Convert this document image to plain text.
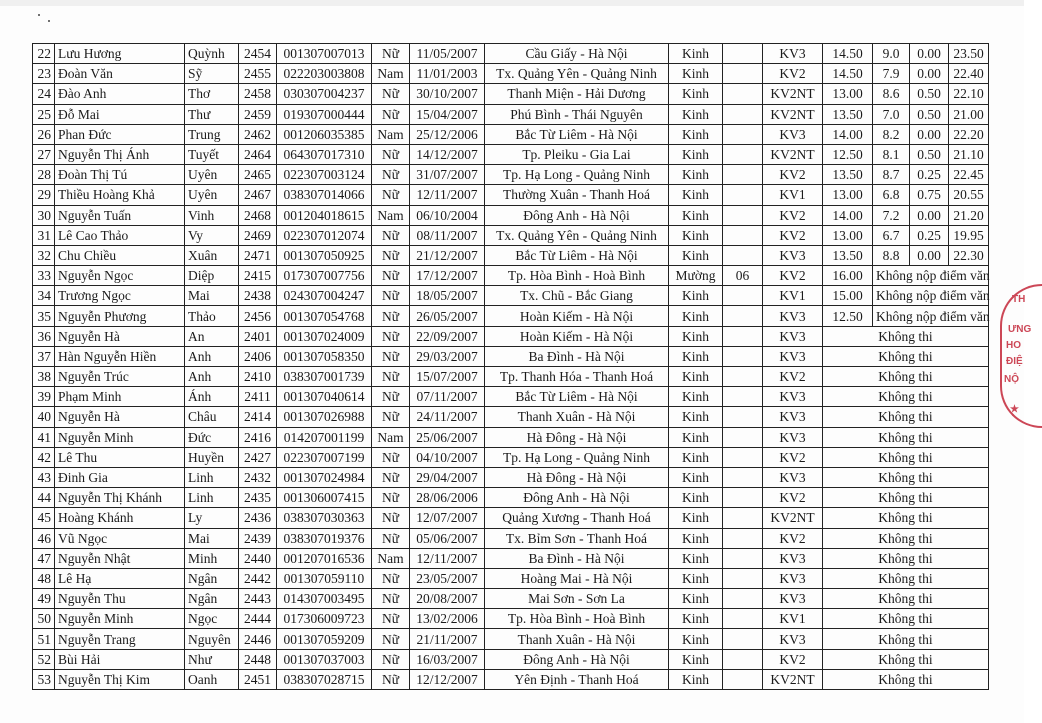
22	Lưu Hương	Quỳnh	2454	001307007013	Nữ	11/05/2007	Cầu Giấy - Hà Nội	Kinh		KV3	14.50	9.0	0.00	23.50
23	Đoàn Văn	Sỹ	2455	022203003808	Nam	11/01/2003	Tx. Quảng Yên - Quảng Ninh	Kinh		KV2	14.50	7.9	0.00	22.40
24	Đào Anh	Thơ	2458	030307004237	Nữ	30/10/2007	Thanh Miện - Hải Dương	Kinh		KV2NT	13.00	8.6	0.50	22.10
25	Đỗ Mai	Thư	2459	019307000444	Nữ	15/04/2007	Phú Bình - Thái Nguyên	Kinh		KV2NT	13.50	7.0	0.50	21.00
26	Phan Đức	Trung	2462	001206035385	Nam	25/12/2006	Bắc Từ Liêm - Hà Nội	Kinh		KV3	14.00	8.2	0.00	22.20
27	Nguyễn Thị Ánh	Tuyết	2464	064307017310	Nữ	14/12/2007	Tp. Pleiku - Gia Lai	Kinh		KV2NT	12.50	8.1	0.50	21.10
28	Đoàn Thị Tú	Uyên	2465	022307003124	Nữ	31/07/2007	Tp. Hạ Long - Quảng Ninh	Kinh		KV2	13.50	8.7	0.25	22.45
29	Thiều Hoàng Khả	Uyên	2467	038307014066	Nữ	12/11/2007	Thường Xuân - Thanh Hoá	Kinh		KV1	13.00	6.8	0.75	20.55
30	Nguyễn Tuấn	Vinh	2468	001204018615	Nam	06/10/2004	Đông Anh - Hà Nội	Kinh		KV2	14.00	7.2	0.00	21.20
31	Lê Cao Thảo	Vy	2469	022307012074	Nữ	08/11/2007	Tx. Quảng Yên - Quảng Ninh	Kinh		KV2	13.00	6.7	0.25	19.95
32	Chu Chiều	Xuân	2471	001307050925	Nữ	21/12/2007	Bắc Từ Liêm - Hà Nội	Kinh		KV3	13.50	8.8	0.00	22.30
33	Nguyễn Ngọc	Diệp	2415	017307007756	Nữ	17/12/2007	Tp. Hòa Bình - Hoà Bình	Mường	06	KV2	16.00	Không nộp điểm văn		
34	Trương Ngọc	Mai	2438	024307004247	Nữ	18/05/2007	Tx. Chũ - Bắc Giang	Kinh		KV1	15.00	Không nộp điểm văn		
35	Nguyễn Phương	Thảo	2456	001307054768	Nữ	26/05/2007	Hoàn Kiếm - Hà Nội	Kinh		KV3	12.50	Không nộp điểm văn		
36	Nguyễn Hà	An	2401	001307024009	Nữ	22/09/2007	Hoàn Kiếm - Hà Nội	Kinh		KV3	Không thi			
37	Hàn Nguyễn Hiền	Anh	2406	001307058350	Nữ	29/03/2007	Ba Đình - Hà Nội	Kinh		KV3	Không thi			
38	Nguyễn Trúc	Anh	2410	038307001739	Nữ	15/07/2007	Tp. Thanh Hóa - Thanh Hoá	Kinh		KV2	Không thi			
39	Phạm Minh	Ánh	2411	001307040614	Nữ	07/11/2007	Bắc Từ Liêm - Hà Nội	Kinh		KV3	Không thi			
40	Nguyễn Hà	Châu	2414	001307026988	Nữ	24/11/2007	Thanh Xuân - Hà Nội	Kinh		KV3	Không thi			
41	Nguyễn Minh	Đức	2416	014207001199	Nam	25/06/2007	Hà Đông - Hà Nội	Kinh		KV3	Không thi			
42	Lê Thu	Huyền	2427	022307007199	Nữ	04/10/2007	Tp. Hạ Long - Quảng Ninh	Kinh		KV2	Không thi			
43	Đinh Gia	Linh	2432	001307024984	Nữ	29/04/2007	Hà Đông - Hà Nội	Kinh		KV3	Không thi			
44	Nguyễn Thị Khánh	Linh	2435	001306007415	Nữ	28/06/2006	Đông Anh - Hà Nội	Kinh		KV2	Không thi			
45	Hoàng Khánh	Ly	2436	038307030363	Nữ	12/07/2007	Quảng Xương - Thanh Hoá	Kinh		KV2NT	Không thi			
46	Vũ Ngọc	Mai	2439	038307019376	Nữ	05/06/2007	Tx. Bỉm Sơn - Thanh Hoá	Kinh		KV2	Không thi			
47	Nguyễn Nhật	Minh	2440	001207016536	Nam	12/11/2007	Ba Đình - Hà Nội	Kinh		KV3	Không thi			
48	Lê Hạ	Ngân	2442	001307059110	Nữ	23/05/2007	Hoàng Mai - Hà Nội	Kinh		KV3	Không thi			
49	Nguyễn Thu	Ngân	2443	014307003495	Nữ	20/08/2007	Mai Sơn - Sơn La	Kinh		KV3	Không thi			
50	Nguyễn Minh	Ngọc	2444	017306009723	Nữ	13/02/2006	Tp. Hòa Bình - Hoà Bình	Kinh		KV1	Không thi			
51	Nguyễn Trang	Nguyên	2446	001307059209	Nữ	21/11/2007	Thanh Xuân - Hà Nội	Kinh		KV3	Không thi			
52	Bùi Hải	Như	2448	001307037003	Nữ	16/03/2007	Đông Anh - Hà Nội	Kinh		KV2	Không thi			
53	Nguyễn Thị Kim	Oanh	2451	038307028715	Nữ	12/12/2007	Yên Định - Thanh Hoá	Kinh		KV2NT	Không thi			
TH
ƯNG
HO
ĐIỆ
NỘ
★
